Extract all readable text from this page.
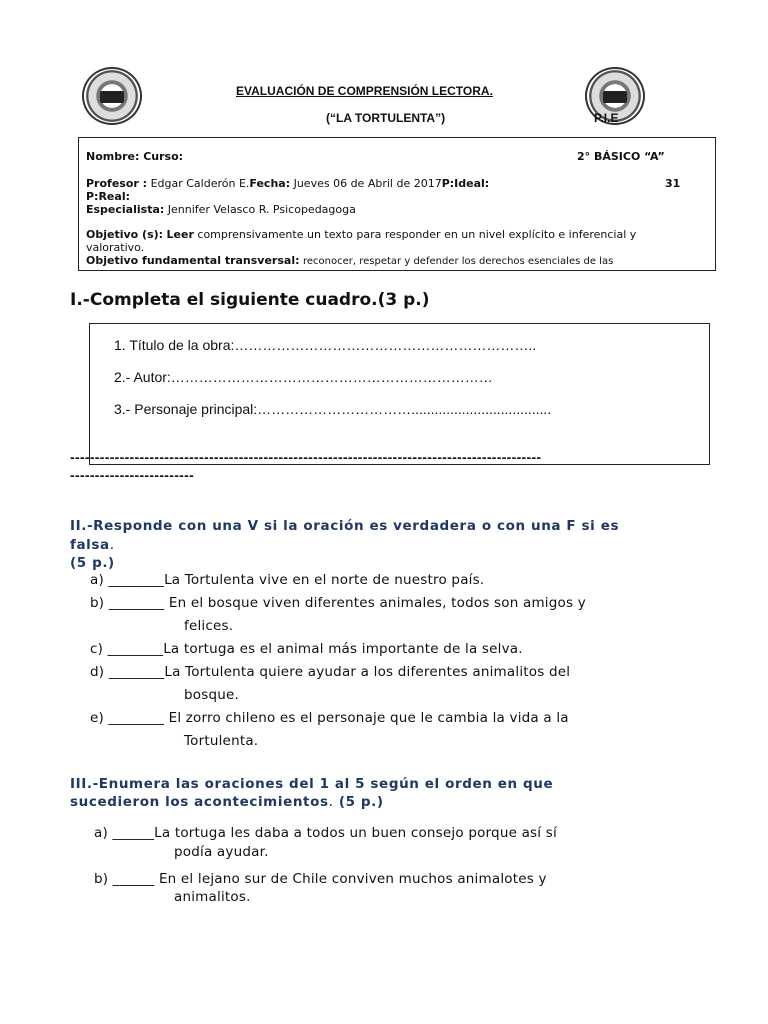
EVALUACIÓN DE COMPRENSIÓN LECTORA.
(“LA TORTULENTA”)	P.I.E
Nombre: Curso:	2° BÁSICO “A”
Profesor : Edgar Calderón E.Fecha: Jueves 06 de Abril de 2017P:Ideal:	31
P:Real:
Especialista: Jennifer Velasco R. Psicopedagoga
Objetivo (s): Leer comprensivamente un texto para responder en un nivel explícito e inferencial y
valorativo.
Objetivo fundamental transversal: reconocer, respetar y defender los derechos esenciales de las
I.-Completa el siguiente cuadro.(3 p.)
1. Título de la obra:………………………………………………………..
2.- Autor:……………………………………………………………
3.- Personaje principal:……………………………....................................
-----------------------------------------------------------------------------------------------
-------------------------
II.-Responde con una V si la oración es verdadera o con una F si es
falsa.
(5 p.)
a) ________La Tortulenta vive en el norte de nuestro país.
b) ________ En el bosque viven diferentes animales, todos son amigos y
felices.
c) ________La tortuga es el animal más importante de la selva.
d) ________La Tortulenta quiere ayudar a los diferentes animalitos del
bosque.
e) ________ El zorro chileno es el personaje que le cambia la vida a la
Tortulenta.
III.-Enumera las oraciones del 1 al 5 según el orden en que
sucedieron los acontecimientos. (5 p.)
a) ______La tortuga les daba a todos un buen consejo porque así sí
podía ayudar.
b) ______ En el lejano sur de Chile conviven muchos animalotes y
animalitos.
